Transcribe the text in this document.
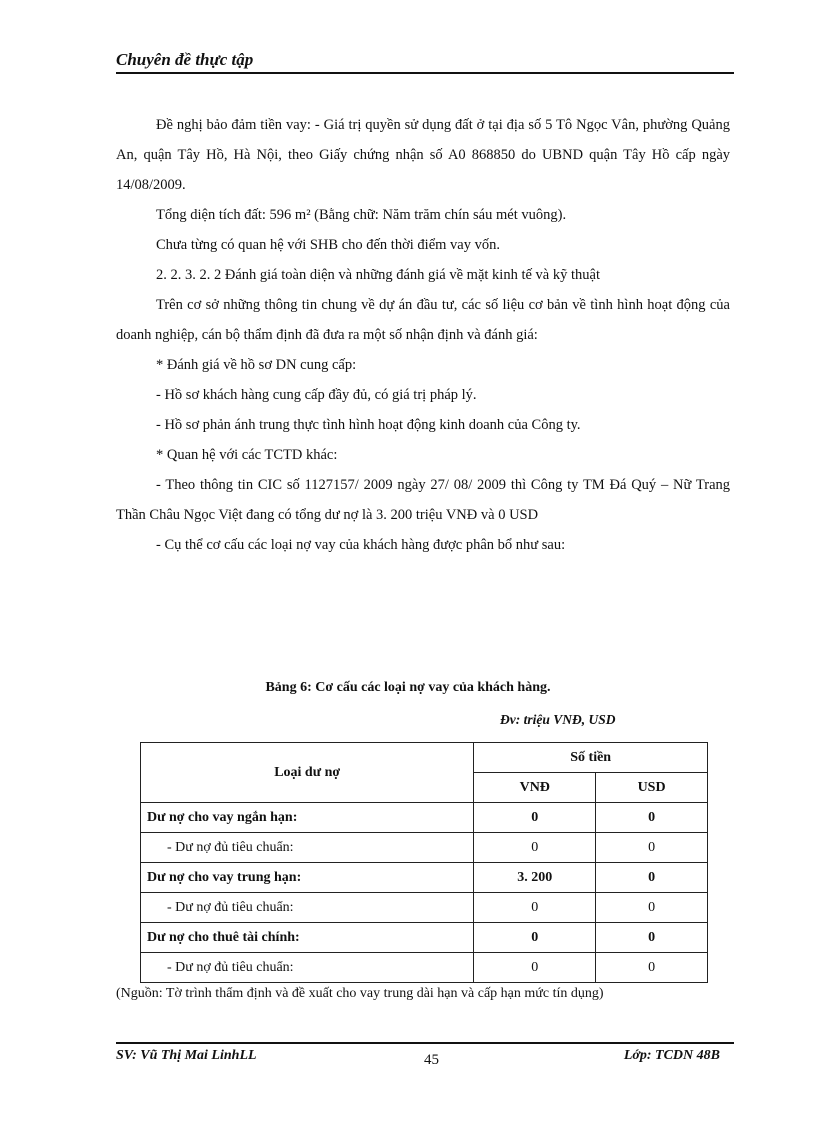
Chuyên đề thực tập

Đề nghị bảo đảm tiền vay: - Giá trị quyền sử dụng đất ở tại địa số 5 Tô Ngọc Vân, phường Quảng An, quận Tây Hồ, Hà Nội, theo Giấy chứng nhận số A0 868850 do UBND quận Tây Hồ cấp ngày 14/08/2009.

Tổng diện tích đất: 596 m² (Bằng chữ: Năm trăm chín sáu mét vuông).

Chưa từng có quan hệ với SHB cho đến thời điểm vay vốn.

2. 2. 3. 2. 2 Đánh giá toàn diện và những đánh giá về mặt kinh tế và kỹ thuật

Trên cơ sở những thông tin chung về dự án đầu tư, các số liệu cơ bản về tình hình hoạt động của doanh nghiệp, cán bộ thẩm định đã đưa ra một số nhận định và đánh giá:

* Đánh giá về hồ sơ DN cung cấp:

- Hồ sơ khách hàng cung cấp đầy đủ, có giá trị pháp lý.

- Hồ sơ phản ánh trung thực tình hình hoạt động kinh doanh của Công ty.

* Quan hệ với các TCTD khác:

- Theo thông tin CIC số 1127157/ 2009 ngày 27/ 08/ 2009 thì Công ty TM Đá Quý – Nữ Trang Thần Châu Ngọc Việt đang có tổng dư nợ là 3. 200 triệu VNĐ và 0 USD

- Cụ thể cơ cấu các loại nợ vay của khách hàng được phân bổ như sau:

Bảng 6: Cơ cấu các loại nợ vay của khách hàng.
Đv: triệu VNĐ, USD
Loại dư nợ	Số tiền	
	VNĐ	USD
Dư nợ cho vay ngắn hạn:	0	0
- Dư nợ đủ tiêu chuẩn:	0	0
Dư nợ cho vay trung hạn:	3. 200	0
- Dư nợ đủ tiêu chuẩn:	0	0
Dư nợ cho thuê tài chính:	0	0
- Dư nợ đủ tiêu chuẩn:	0	0
(Nguồn: Tờ trình thẩm định và đề xuất cho vay trung dài hạn và cấp hạn mức tín dụng)
SV: Vũ Thị Mai LinhLL	45	Lớp: TCDN 48B
